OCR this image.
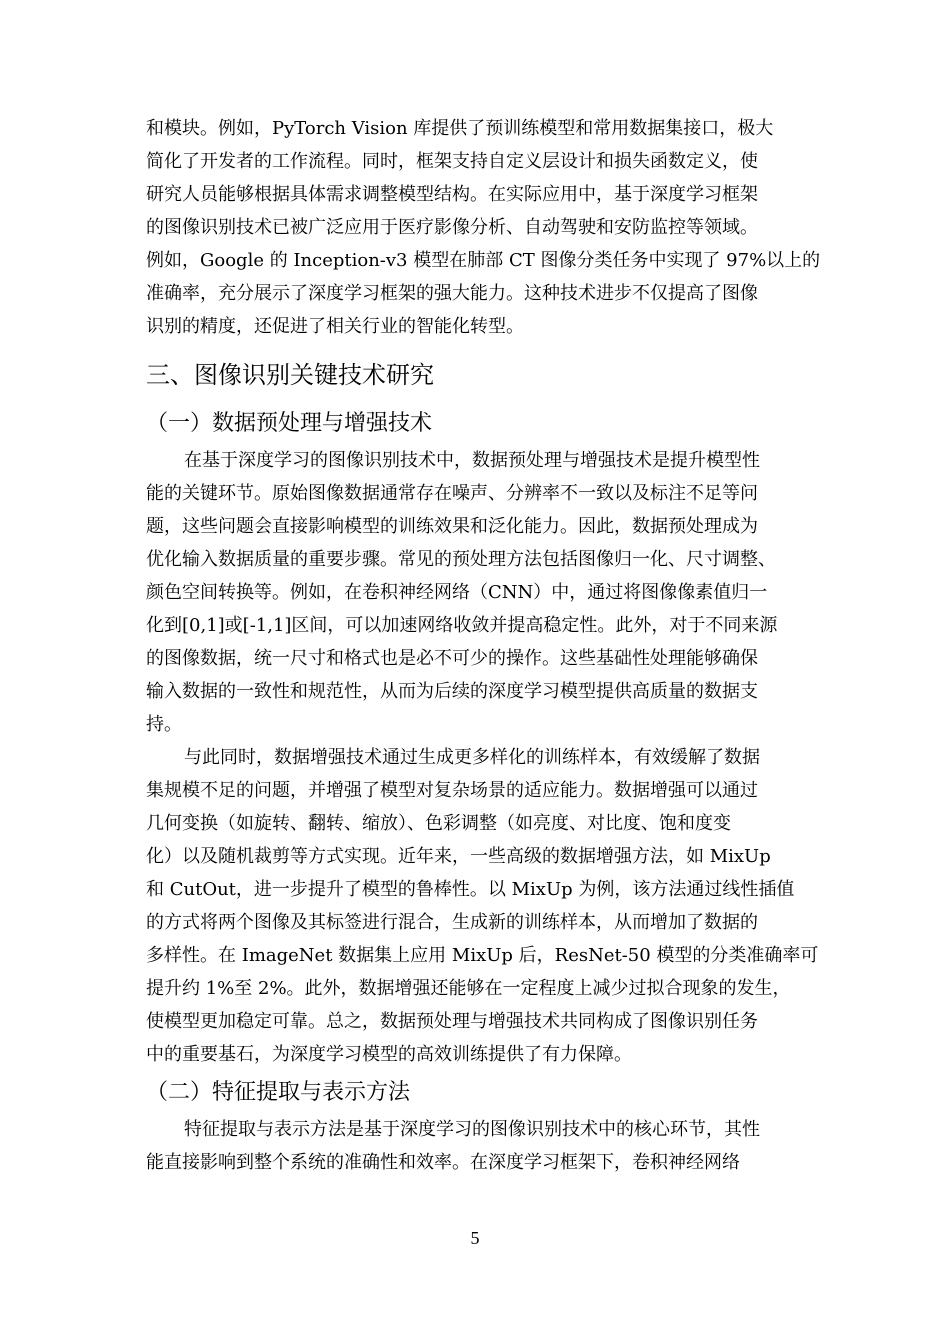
和模块。例如，PyTorch Vision 库提供了预训练模型和常用数据集接口，极大
简化了开发者的工作流程。同时，框架支持自定义层设计和损失函数定义，使
研究人员能够根据具体需求调整模型结构。在实际应用中，基于深度学习框架
的图像识别技术已被广泛应用于医疗影像分析、自动驾驶和安防监控等领域。
例如，Google 的 Inception-v3 模型在肺部 CT 图像分类任务中实现了 97%以上的
准确率，充分展示了深度学习框架的强大能力。这种技术进步不仅提高了图像
识别的精度，还促进了相关行业的智能化转型。
三、图像识别关键技术研究
（一）数据预处理与增强技术
在基于深度学习的图像识别技术中，数据预处理与增强技术是提升模型性
能的关键环节。原始图像数据通常存在噪声、分辨率不一致以及标注不足等问
题，这些问题会直接影响模型的训练效果和泛化能力。因此，数据预处理成为
优化输入数据质量的重要步骤。常见的预处理方法包括图像归一化、尺寸调整、
颜色空间转换等。例如，在卷积神经网络（CNN）中，通过将图像像素值归一
化到[0,1]或[-1,1]区间，可以加速网络收敛并提高稳定性。此外，对于不同来源
的图像数据，统一尺寸和格式也是必不可少的操作。这些基础性处理能够确保
输入数据的一致性和规范性，从而为后续的深度学习模型提供高质量的数据支
持。
与此同时，数据增强技术通过生成更多样化的训练样本，有效缓解了数据
集规模不足的问题，并增强了模型对复杂场景的适应能力。数据增强可以通过
几何变换（如旋转、翻转、缩放）、色彩调整（如亮度、对比度、饱和度变
化）以及随机裁剪等方式实现。近年来，一些高级的数据增强方法，如 MixUp
和 CutOut，进一步提升了模型的鲁棒性。以 MixUp 为例，该方法通过线性插值
的方式将两个图像及其标签进行混合，生成新的训练样本，从而增加了数据的
多样性。在 ImageNet 数据集上应用 MixUp 后，ResNet-50 模型的分类准确率可
提升约 1%至 2%。此外，数据增强还能够在一定程度上减少过拟合现象的发生，
使模型更加稳定可靠。总之，数据预处理与增强技术共同构成了图像识别任务
中的重要基石，为深度学习模型的高效训练提供了有力保障。
（二）特征提取与表示方法
特征提取与表示方法是基于深度学习的图像识别技术中的核心环节，其性
能直接影响到整个系统的准确性和效率。在深度学习框架下，卷积神经网络
5
